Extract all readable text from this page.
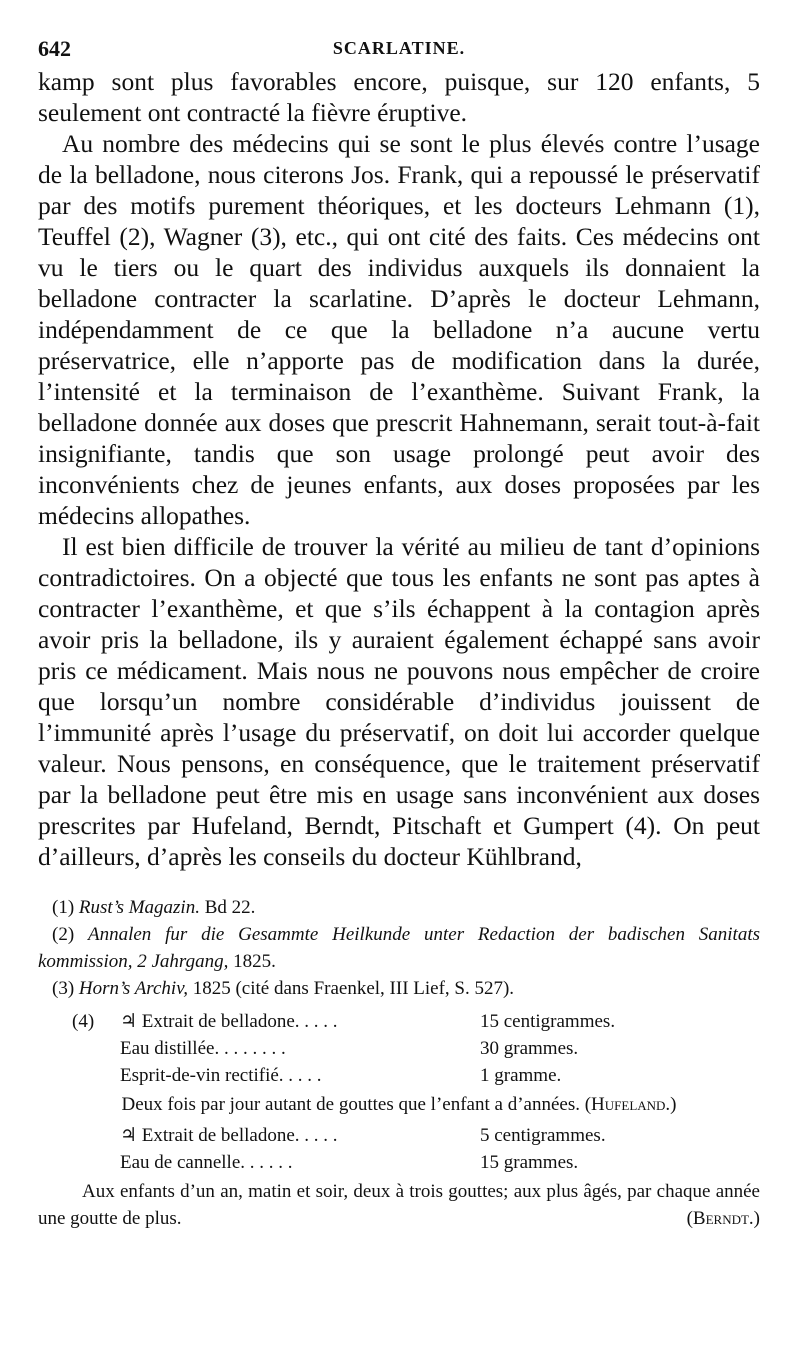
642	SCARLATINE.

kamp sont plus favorables encore, puisque, sur 120 enfants, 5 seulement ont contracté la fièvre éruptive.

Au nombre des médecins qui se sont le plus élevés contre l’usage de la belladone, nous citerons Jos. Frank, qui a repoussé le préservatif par des motifs purement théoriques, et les docteurs Lehmann (1), Teuffel (2), Wagner (3), etc., qui ont cité des faits. Ces médecins ont vu le tiers ou le quart des individus auxquels ils donnaient la belladone contracter la scarlatine. D’après le docteur Lehmann, indépendamment de ce que la belladone n’a aucune vertu préservatrice, elle n’apporte pas de modification dans la durée, l’intensité et la terminaison de l’exanthème. Suivant Frank, la belladone donnée aux doses que prescrit Hahnemann, serait tout-à-fait insignifiante, tandis que son usage prolongé peut avoir des inconvénients chez de jeunes enfants, aux doses proposées par les médecins allopathes.

Il est bien difficile de trouver la vérité au milieu de tant d’opinions contradictoires. On a objecté que tous les enfants ne sont pas aptes à contracter l’exanthème, et que s’ils échappent à la contagion après avoir pris la belladone, ils y auraient également échappé sans avoir pris ce médicament. Mais nous ne pouvons nous empêcher de croire que lorsqu’un nombre considérable d’individus jouissent de l’immunité après l’usage du préservatif, on doit lui accorder quelque valeur. Nous pensons, en conséquence, que le traitement préservatif par la belladone peut être mis en usage sans inconvénient aux doses prescrites par Hufeland, Berndt, Pitschaft et Gumpert (4). On peut d’ailleurs, d’après les conseils du docteur Kühlbrand,

(1) Rust’s Magazin. Bd 22.

(2) Annalen fur die Gesammte Heilkunde unter Redaction der badischen Sanitats kommission, 2 Jahrgang, 1825.

(3) Horn’s Archiv, 1825 (cité dans Fraenkel, III Lief, S. 527).

(4)	♃ Extrait de belladone. . . . .	15 centigrammes.
Eau distillée. . . . . . . .	30 grammes.
Esprit-de-vin rectifié. . . . .	1 gramme.

Deux fois par jour autant de gouttes que l’enfant a d’années. (Hufeland.)

♃ Extrait de belladone. . . . .	5 centigrammes.
Eau de cannelle. . . . . .	15 grammes.

Aux enfants d’un an, matin et soir, deux à trois gouttes; aux plus âgés, par chaque année une goutte de plus.	(Berndt.)
